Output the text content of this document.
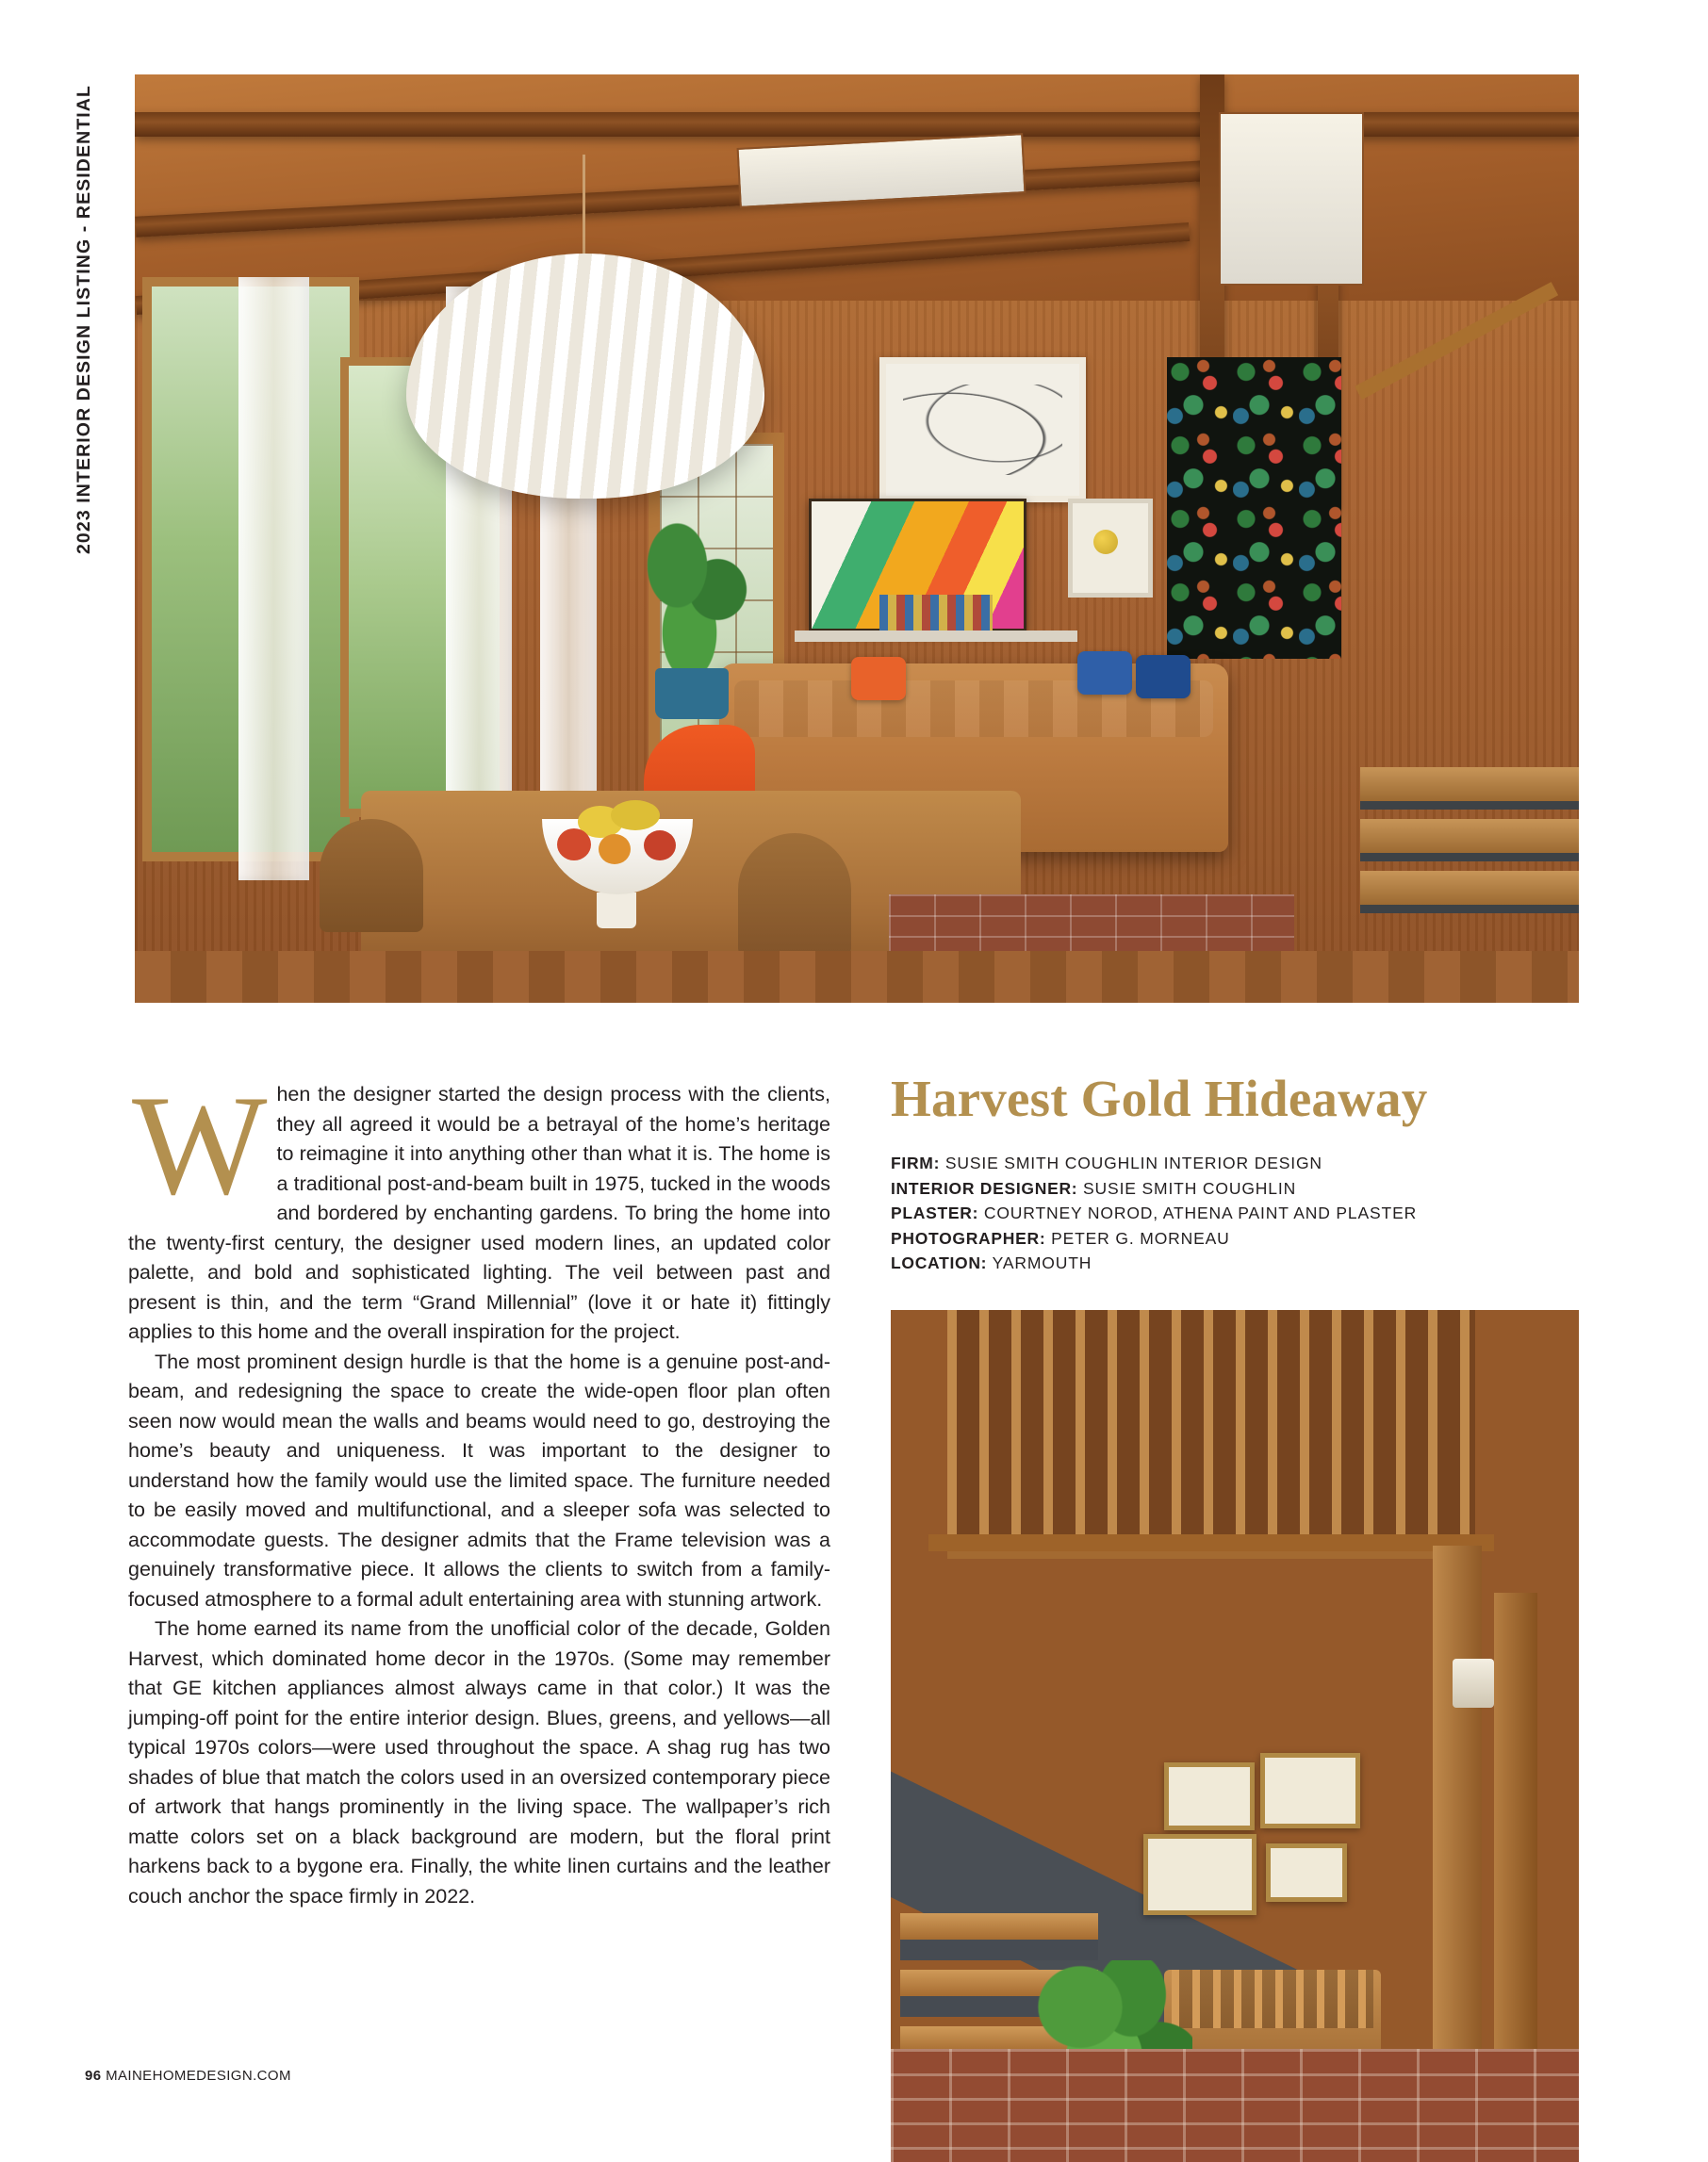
2023 INTERIOR DESIGN LISTING - RESIDENTIAL

When the designer started the design process with the clients, they all agreed it would be a betrayal of the home’s heritage to reimagine it into anything other than what it is. The home is a traditional post-and-beam built in 1975, tucked in the woods and bordered by enchanting gardens. To bring the home into the twenty-first century, the designer used modern lines, an updated color palette, and bold and sophisticated lighting. The veil between past and present is thin, and the term “Grand Millennial” (love it or hate it) fittingly applies to this home and the overall inspiration for the project.

The most prominent design hurdle is that the home is a genuine post-and-beam, and redesigning the space to create the wide-open floor plan often seen now would mean the walls and beams would need to go, destroying the home’s beauty and uniqueness. It was important to the designer to understand how the family would use the limited space. The furniture needed to be easily moved and multifunctional, and a sleeper sofa was selected to accommodate guests. The designer admits that the Frame television was a genuinely transformative piece. It allows the clients to switch from a family-focused atmosphere to a formal adult entertaining area with stunning artwork.

The home earned its name from the unofficial color of the decade, Golden Harvest, which dominated home decor in the 1970s. (Some may remember that GE kitchen appliances almost always came in that color.) It was the jumping-off point for the entire interior design. Blues, greens, and yellows—all typical 1970s colors—were used throughout the space. A shag rug has two shades of blue that match the colors used in an oversized contemporary piece of artwork that hangs prominently in the living space. The wallpaper’s rich matte colors set on a black background are modern, but the floral print harkens back to a bygone era. Finally, the white linen curtains and the leather couch anchor the space firmly in 2022.

96 MAINEHOMEDESIGN.COM
Harvest Gold Hideaway
FIRM: SUSIE SMITH COUGHLIN INTERIOR DESIGN
INTERIOR DESIGNER: SUSIE SMITH COUGHLIN
PLASTER: COURTNEY NOROD, ATHENA PAINT AND PLASTER
PHOTOGRAPHER: PETER G. MORNEAU
LOCATION: YARMOUTH
